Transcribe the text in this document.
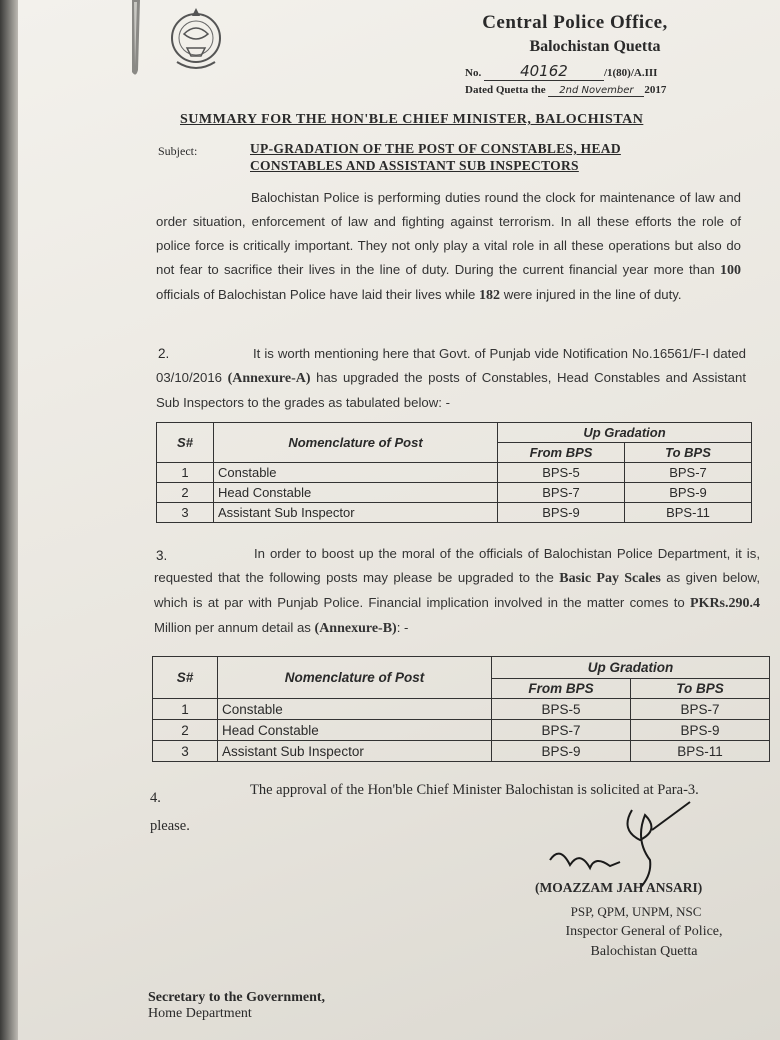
Central Police Office,
Balochistan Quetta
No.	40162	/1(80)/A.III
Dated Quetta the 2nd November 2017
SUMMARY FOR THE HON'BLE CHIEF MINISTER, BALOCHISTAN
Subject:	UP-GRADATION OF THE POST OF CONSTABLES, HEAD CONSTABLES AND ASSISTANT SUB INSPECTORS
Balochistan Police is performing duties round the clock for maintenance of law and order situation, enforcement of law and fighting against terrorism. In all these efforts the role of police force is critically important. They not only play a vital role in all these operations but also do not fear to sacrifice their lives in the line of duty. During the current financial year more than 100 officials of Balochistan Police have laid their lives while 182 were injured in the line of duty.
2.	It is worth mentioning here that Govt. of Punjab vide Notification No.16561/F-I dated 03/10/2016 (Annexure-A) has upgraded the posts of Constables, Head Constables and Assistant Sub Inspectors to the grades as tabulated below: -
S#	Nomenclature of Post	Up Gradation	
		From BPS	To BPS
1	Constable	BPS-5	BPS-7
2	Head Constable	BPS-7	BPS-9
3	Assistant Sub Inspector	BPS-9	BPS-11
3.	In order to boost up the moral of the officials of Balochistan Police Department, it is, requested that the following posts may please be upgraded to the Basic Pay Scales as given below, which is at par with Punjab Police. Financial implication involved in the matter comes to PKRs.290.4 Million per annum detail as (Annexure-B): -
S#	Nomenclature of Post	Up Gradation	
		From BPS	To BPS
1	Constable	BPS-5	BPS-7
2	Head Constable	BPS-7	BPS-9
3	Assistant Sub Inspector	BPS-9	BPS-11
4.	The approval of the Hon'ble Chief Minister Balochistan is solicited at Para-3.
please.
(MOAZZAM JAH ANSARI)
PSP, QPM, UNPM, NSC
Inspector General of Police,
Balochistan Quetta
Secretary to the Government,
Home Department
